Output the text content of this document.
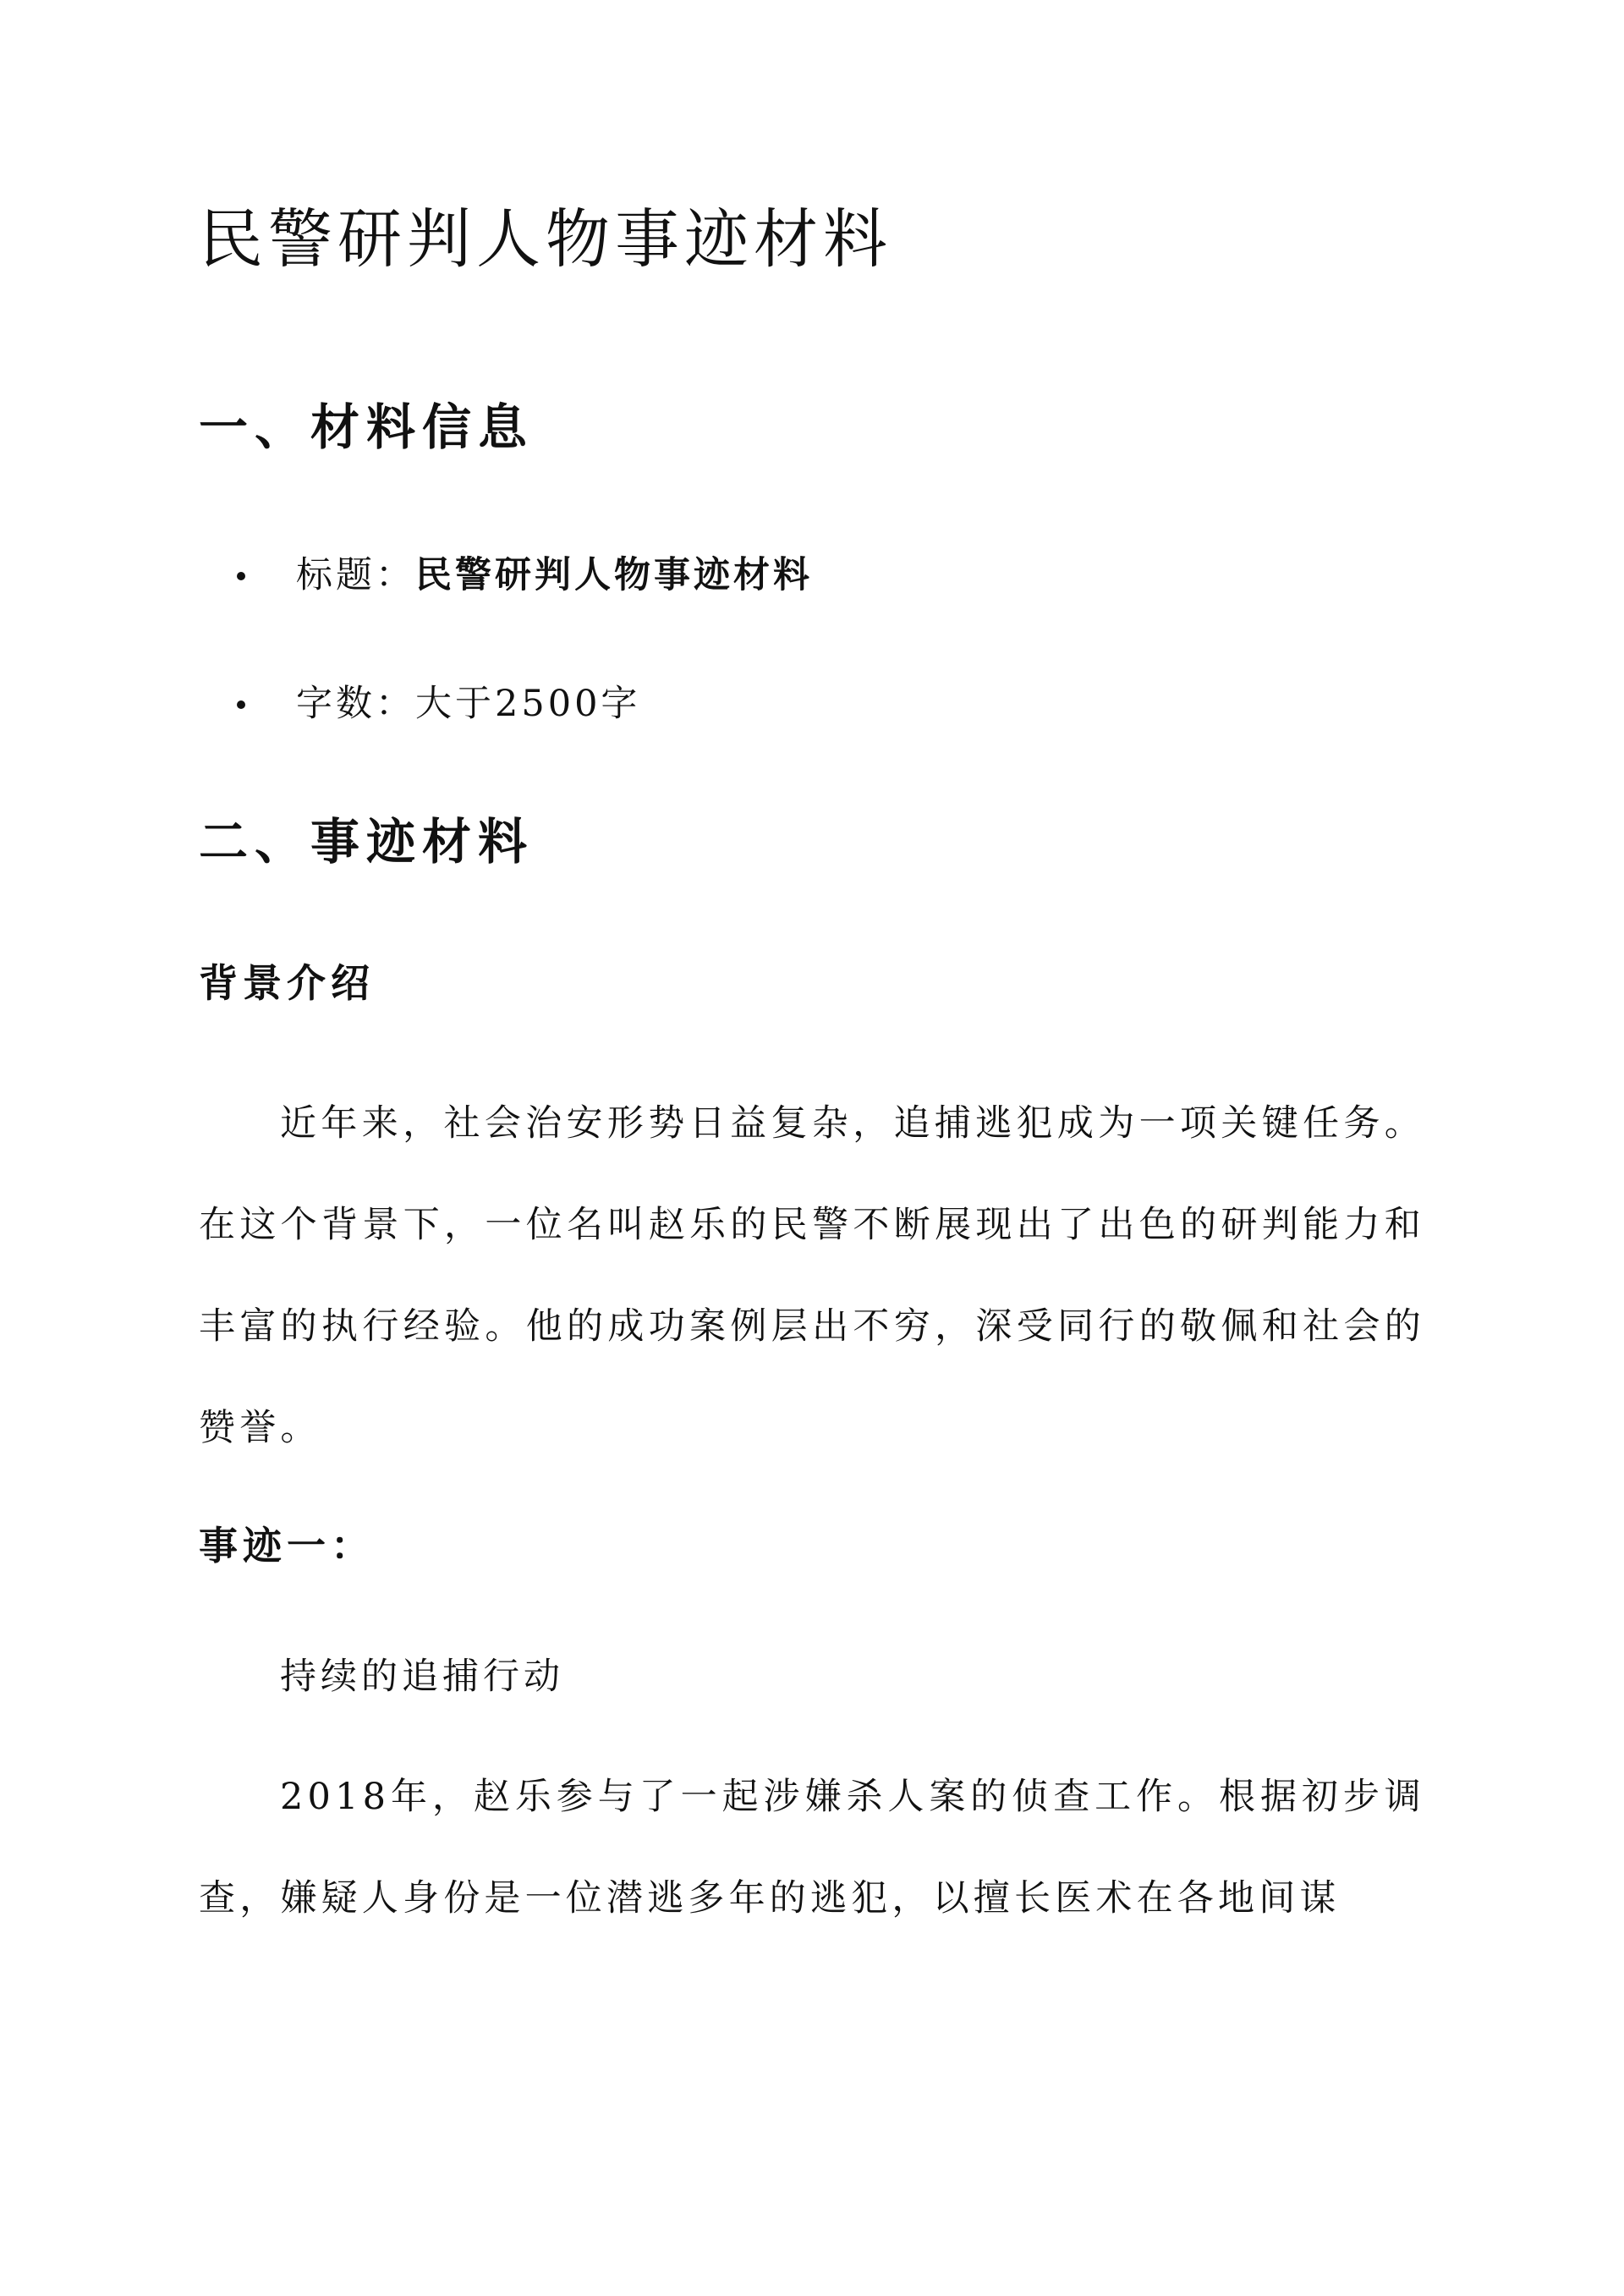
民警研判人物事迹材料
一、材料信息
标题：民警研判人物事迹材料
字数：大于2500字
二、事迹材料
背景介绍

近年来，社会治安形势日益复杂，追捕逃犯成为一项关键任务。在这个背景下，一位名叫赵乐的民警不断展现出了出色的研判能力和丰富的执行经验。他的成功案例层出不穷，深受同行的敬佩和社会的赞誉。

事迹一：

持续的追捕行动

2018年，赵乐参与了一起涉嫌杀人案的侦查工作。根据初步调查，嫌疑人身份是一位潜逃多年的逃犯，以擅长医术在各地间谋
